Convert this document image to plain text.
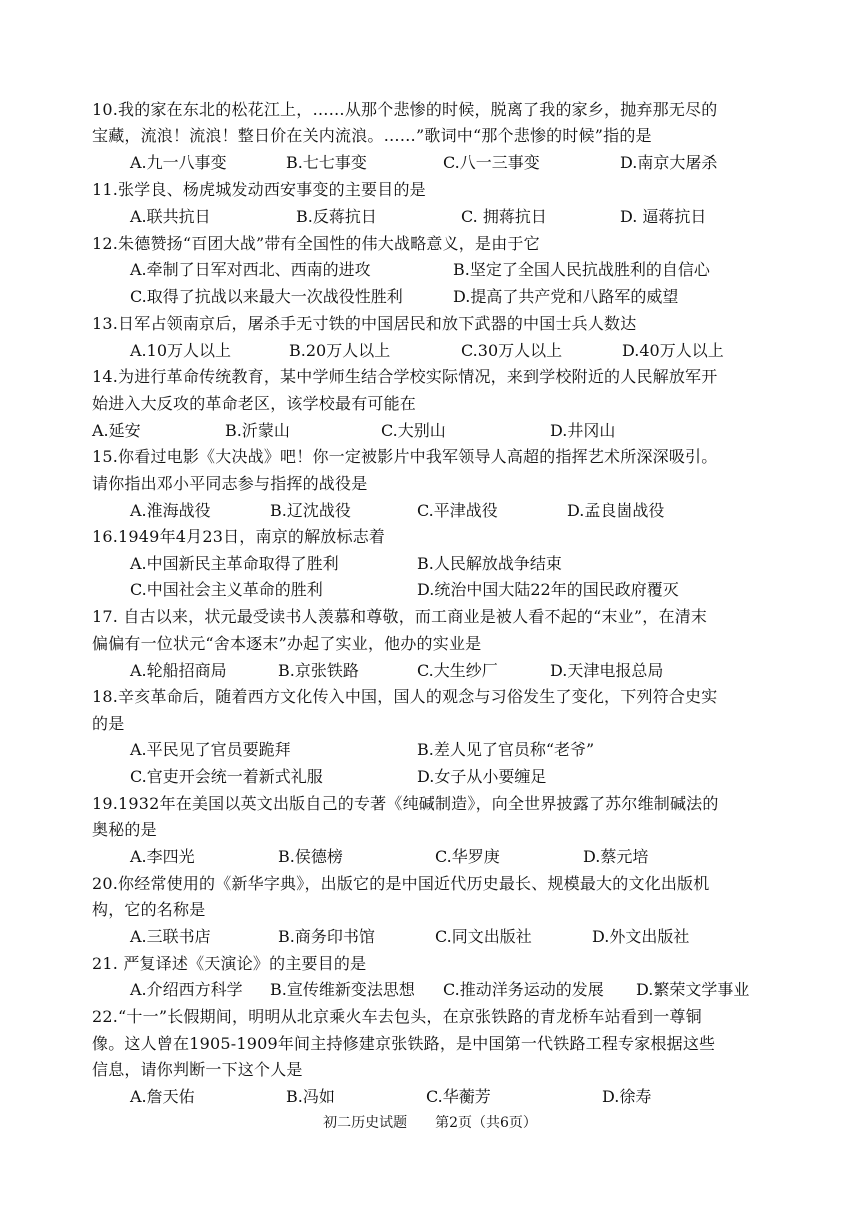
10.我的家在东北的松花江上，……从那个悲惨的时候，脱离了我的家乡，抛弃那无尽的
宝藏，流浪！流浪！整日价在关内流浪。……”歌词中“那个悲惨的时候”指的是
A.九一八事变	B.七七事变	C.八一三事变	D.南京大屠杀
11.张学良、杨虎城发动西安事变的主要目的是
A.联共抗日	B.反蒋抗日	C. 拥蒋抗日	D. 逼蒋抗日
12.朱德赞扬“百团大战”带有全国性的伟大战略意义，是由于它
A.牵制了日军对西北、西南的进攻	B.坚定了全国人民抗战胜利的自信心
C.取得了抗战以来最大一次战役性胜利	D.提高了共产党和八路军的威望
13.日军占领南京后，屠杀手无寸铁的中国居民和放下武器的中国士兵人数达
A.10万人以上	B.20万人以上	C.30万人以上	D.40万人以上
14.为进行革命传统教育，某中学师生结合学校实际情况，来到学校附近的人民解放军开
始进入大反攻的革命老区，该学校最有可能在
A.延安	B.沂蒙山	C.大别山	D.井冈山
15.你看过电影《大决战》吧！你一定被影片中我军领导人高超的指挥艺术所深深吸引。
请你指出邓小平同志参与指挥的战役是
A.淮海战役	B.辽沈战役	C.平津战役	D.孟良崮战役
16.1949年4月23日，南京的解放标志着
A.中国新民主革命取得了胜利	B.人民解放战争结束
C.中国社会主义革命的胜利	D.统治中国大陆22年的国民政府覆灭
17. 自古以来，状元最受读书人羡慕和尊敬，而工商业是被人看不起的“末业”，在清末
偏偏有一位状元“舍本逐末”办起了实业，他办的实业是
A.轮船招商局	B.京张铁路	C.大生纱厂	D.天津电报总局
18.辛亥革命后，随着西方文化传入中国，国人的观念与习俗发生了变化，下列符合史实
的是
A.平民见了官员要跪拜	B.差人见了官员称“老爷”
C.官吏开会统一着新式礼服	D.女子从小要缠足
19.1932年在美国以英文出版自己的专著《纯碱制造》，向全世界披露了苏尔维制碱法的
奥秘的是
A.李四光	B.侯德榜	C.华罗庚	D.蔡元培
20.你经常使用的《新华字典》，出版它的是中国近代历史最长、规模最大的文化出版机
构，它的名称是
A.三联书店	B.商务印书馆	C.同文出版社	D.外文出版社
21. 严复译述《天演论》的主要目的是
A.介绍西方科学 B.宣传维新变法思想 C.推动洋务运动的发展 D.繁荣文学事业
22.“十一”长假期间，明明从北京乘火车去包头，在京张铁路的青龙桥车站看到一尊铜
像。这人曾在1905-1909年间主持修建京张铁路，是中国第一代铁路工程专家根据这些
信息，请你判断一下这个人是
A.詹天佑	B.冯如	C.华蘅芳	D.徐寿
初二历史试题　　第2页（共6页）
